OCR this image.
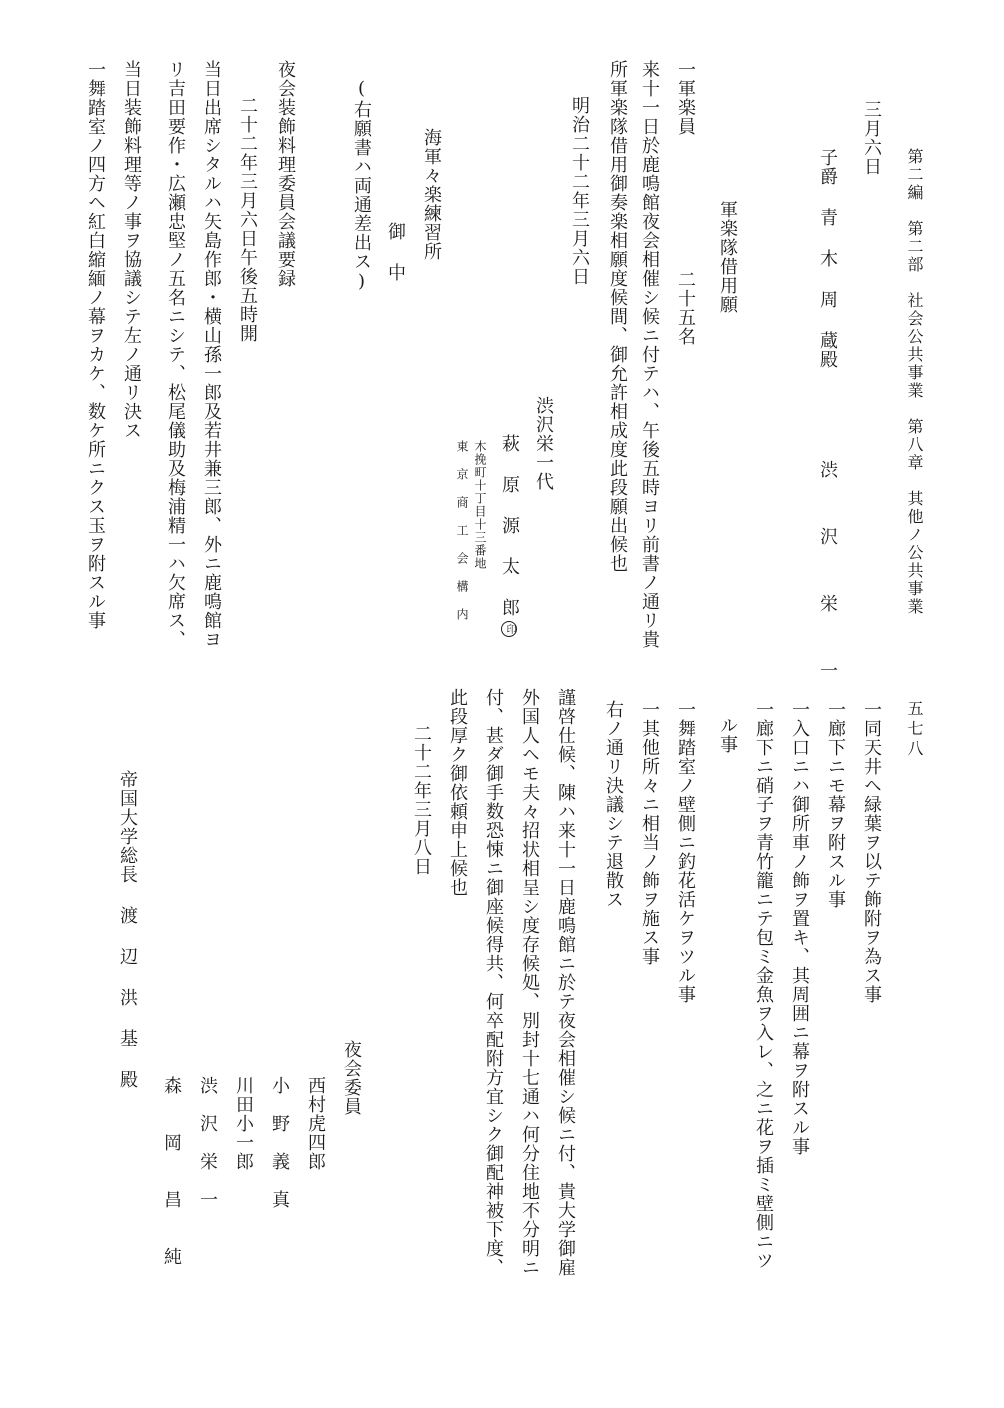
第二編　第二部　社会公共事業　第八章　其他ノ公共事業
五七八
三月六日
子爵 青 木 周 蔵殿
渋 沢 栄 一
軍楽隊借用願
一軍楽員
二十五名
来十一日於鹿鳴館夜会相催シ候ニ付テハ、午後五時ヨリ前書ノ通リ貴
所軍楽隊借用御奏楽相願度候間、御允許相成度此段願出候也
明治二十二年三月六日
渋沢栄一代
萩 原 源 太 郎印
木挽町十丁目十三番地
東 京 商 工 会 構 内
海軍々楽練習所
御 中
(右願書ハ両通差出ス)
夜会装飾料理委員会議要録
二十二年三月六日午後五時開
当日出席シタルハ矢島作郎・横山孫一郎及若井兼三郎、外ニ鹿鳴館ヨ
リ吉田要作・広瀬忠堅ノ五名ニシテ、松尾儀助及梅浦精一ハ欠席ス、
当日装飾料理等ノ事ヲ協議シテ左ノ通リ決ス
一舞踏室ノ四方ヘ紅白縮緬ノ幕ヲカケ、数ケ所ニクス玉ヲ附スル事
一同天井ヘ緑葉ヲ以テ飾附ヲ為ス事
一廊下ニモ幕ヲ附スル事
一入口ニハ御所車ノ飾ヲ置キ、其周囲ニ幕ヲ附スル事
一廊下ニ硝子ヲ青竹籠ニテ包ミ金魚ヲ入レ、之ニ花ヲ插ミ壁側ニツ
ル事
一舞踏室ノ壁側ニ釣花活ケヲツル事
一其他所々ニ相当ノ飾ヲ施ス事
右ノ通リ決議シテ退散ス
謹啓仕候、陳ハ来十一日鹿鳴館ニ於テ夜会相催シ候ニ付、貴大学御雇
外国人ヘモ夫々招状相呈シ度存候処、別封十七通ハ何分住地不分明ニ
付、甚ダ御手数恐悚ニ御座候得共、何卒配附方宜シク御配神被下度、
此段厚ク御依頼申上候也
二十二年三月八日
夜会委員
西村虎四郎
小　野　義　真
川田小一郎
渋　沢　栄　一
森　　岡　　昌　　純
帝国大学総長 渡 辺 洪 基 殿
